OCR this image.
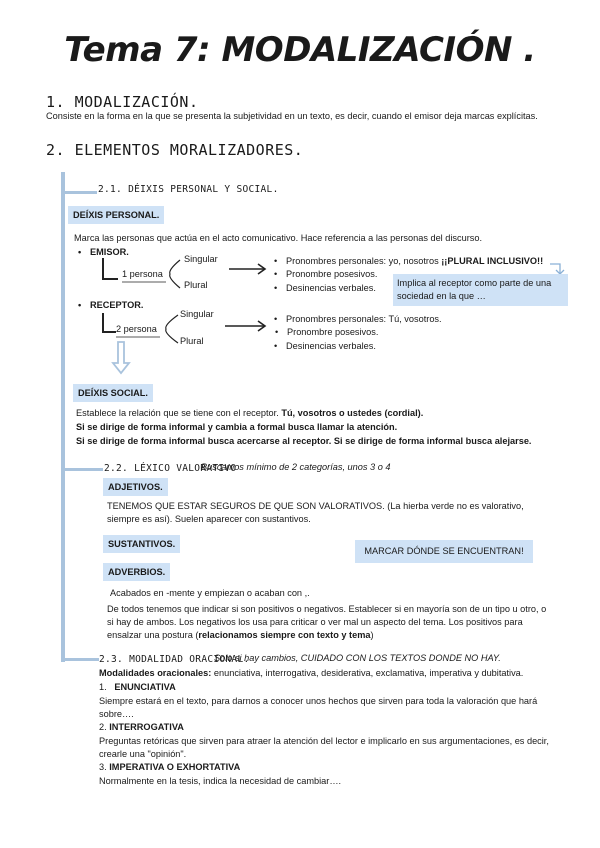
Tema 7: MODALIZACIÓN .
1. MODALIZACIÓN.
Consiste en la forma en la que se presenta la subjetividad en un texto, es decir, cuando el emisor deja marcas explícitas.
2. ELEMENTOS MORALIZADORES.
2.1. DÉIXIS PERSONAL Y SOCIAL.
DEÍXIS PERSONAL.
Marca las personas que actúa en el acto comunicativo. Hace referencia a las personas del discurso.
• EMISOR.
1 persona
Singular
Plural
• Pronombres personales: yo, nosotros ¡¡PLURAL INCLUSIVO!!
• Pronombre posesivos.
• Desinencias verbales.	Implica al receptor como parte de una sociedad en la que …
• RECEPTOR.
2 persona
Singular
Plural
• Pronombres personales: Tú, vosotros.
• Pronombre posesivos.
• Desinencias verbales.
DEÍXIS SOCIAL.
Establece la relación que se tiene con el receptor. Tú, vosotros o ustedes (cordial).
Si se dirige de forma informal y cambia a formal busca llamar la atención.
Si se dirige de forma informal busca acercarse al receptor. Si se dirige de forma informal busca alejarse.
2.2. LÉXICO VALORATIVO
Buscamos mínimo de 2 categorías, unos 3 o 4
ADJETIVOS.
TENEMOS QUE ESTAR SEGUROS DE QUE SON VALORATIVOS. (La hierba verde no es valorativo, siempre es así). Suelen aparecer con sustantivos.
SUSTANTIVOS.
MARCAR DÓNDE SE ENCUENTRAN!
ADVERBIOS.
Acabados en -mente y empiezan o acaban con ,.
De todos tenemos que indicar si son positivos o negativos. Establecer si en mayoría son de un tipo u otro, o si hay de ambos. Los negativos los usa para criticar o ver mal un aspecto del tema. Los positivos para ensalzar una postura (relacionamos siempre con texto y tema)
2.3. MODALIDAD ORACIONAL.
Solo si hay cambios, CUIDADO CON LOS TEXTOS DONDE NO HAY.
Modalidades oracionales: enunciativa, interrogativa, desiderativa, exclamativa, imperativa y dubitativa.
1. ENUNCIATIVA
Siempre estará en el texto, para darnos a conocer unos hechos que sirven para toda la valoración que hará sobre….
2. INTERROGATIVA
Preguntas retóricas que sirven para atraer la atención del lector e implicarlo en sus argumentaciones, es decir, crearle una "opinión".
3. IMPERATIVA O EXHORTATIVA
Normalmente en la tesis, indica la necesidad de cambiar….
